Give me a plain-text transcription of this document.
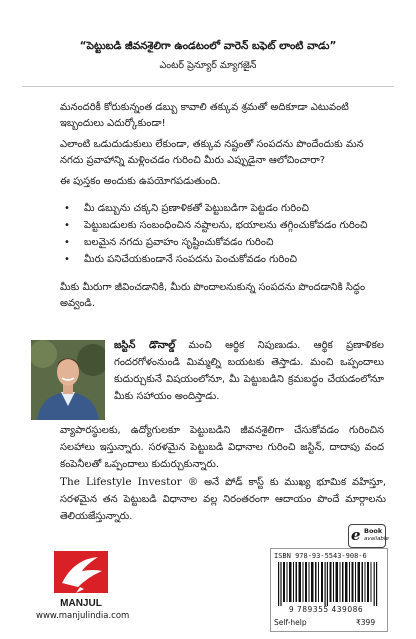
“పెట్టుబడి జీవనశైలిగా ఉండటంలో వారెన్ బఫెట్ లాంటి వాడు”
ఎంటర్ ప్రెన్యూర్ మ్యాగజైన్
మనందరికీ కోరుకున్నంత డబ్బు కావాలి తక్కువ శ్రమతో అదికూడా ఎటువంటి ఇబ్బందులు ఎదుర్కోకుండా!
ఎలాంటి ఒడుదుడుకులు లేకుండా, తక్కువ నష్టంతో సంపదను పొందేందుకు మన నగదు ప్రవాహాన్ని మళ్లించడం గురించి మీరు ఎప్పుడైనా ఆలోచించారా?
ఈ పుస్తకం అందుకు ఉపయోగపడుతుంది.
• మీ డబ్బును చక్కని ప్రణాళికతో పెట్టుబడిగా పెట్టడం గురించి
• పెట్టుబడులకు సంబంధించిన నష్టాలను, భయాలను తగ్గించుకోవడం గురించి
• బలమైన నగదు ప్రవాహం సృష్టించుకోవడం గురించి
• మీరు పనిచేయకుండానే సంపదను పెంచుకోవడం గురించి
మీకు మీరుగా జీవించడానికి, మీరు పొందాలనుకున్న సంపదను పొందడానికి సిద్ధం అవ్వండి.
జస్టిన్ డొనాల్డ్ మంచి ఆర్థిక నిపుణుడు. ఆర్థిక ప్రణాళికల గందరగోళంనుండి మిమ్మల్ని బయటకు తెస్తాడు. మంచి ఒప్పందాలు కుదుర్చుకునే విషయంలోనూ, మీ పెట్టుబడిని క్రమబద్ధం చేయడంలోనూ మీకు సహాయం అందిస్తాడు.
వ్యాపారస్థులకు, ఉద్యోగులకూ పెట్టుబడిని జీవనశైలిగా చేసుకోవడం గురించిన సలహాలు ఇస్తున్నారు. సరళమైన పెట్టుబడి విధానాల గురించి జస్టిన్, దాదాపు వంద కంపెనీలతో ఒప్పందాలు కుదుర్చుకున్నారు.
The Lifestyle Investor ® అనే పోడ్ కాస్ట్ కు ముఖ్య భూమిక వహిస్తూ, సరళమైన తన పెట్టుబడి విధానాల వల్ల నిరంతరంగా ఆదాయం పొందే మార్గాలను తెలియజేస్తున్నారు.
e Book
available
MANJUL
www.manjulindia.com
ISBN 978-93-5543-908-6
9 789355 439086
Self-help	₹399
